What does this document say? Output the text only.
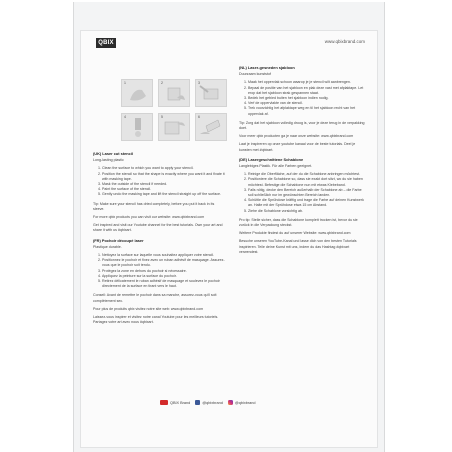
QBIX	www.qbixbrand.com
1	2	3
4	5	6
(UK) Laser cut stencil
Long-lasting plastic
1. Clean the surface to which you want to apply your stencil.
2. Position the stencil so that the shape is exactly where you want it and fixate it with masking tape.
3. Mask the outside of the stencil if needed.
4. Paint the surface of the stencil.
5. Gently undo the masking tape and lift the stencil straight up off the surface.
Tip: Make sure your stencil has dried completely, before you put it back in its sleeve.
For more qbix products you can visit our website: www.qbixbrand.com
Get inspired and visit our Youtube channel for the best tutorials. Own your art and share it with us #qbixart.
(FR) Pochoir découpé laser
Plastique durable.
1. Nettoyez la surface sur laquelle vous souhaitez appliquer votre stencil.
2. Positionnez le pochoir et fixez avec un ruban adhésif de masquage. Assurez-vous que le pochoir soit tendu.
3. Protégez la zone en dehors du pochoir si nécessaire.
4. Appliquez la peinture sur la surface du pochoir.
5. Retirez délicatement le ruban adhésif de masquage et soulevez le pochoir directement de la surface en tirant vers le haut.
Conseil: Avant de remettre le pochoir dans sa manche, assurez-vous qu'il soit complètement sec.
Pour plus de produits qbix visitez notre site web: www.qbixbrand.com
Laissez-vous inspirer et visitez notre canal Youtube pour les meilleurs tutoriels. Partagez votre art avec nous #qbixart.
(NL) Laser-gesneden sjabloon
Duurzaam kunststof
1. Maak het oppervlak schoon waarop je je stencil wilt aanbrengen.
2. Bepaal de positie van het sjabloon en plak deze vast met afplaktape. Let erop dat het sjabloon strak gespannen staat.
3. Bedek het gebied buiten het sjabloon indien nodig.
4. Verf de oppervlakte van de stencil.
5. Trek voorzichtig het afplaktape weg en til het sjabloon recht van het oppervlak af.
Tip: Zorg dat het sjabloon volledig droog is, voor je deze terug in de verpakking doet.
Voor meer qbix producten ga je naar onze website: www.qbixbrand.com
Laat je inspireren op onze youtube kanaal voor de beste tutorials. Deel je kunsten met #qbixart.
(DE) Lasergeschnittene Schablone
Langlebiges Plastik. Für alle Farben geeignet.
1. Reinige die Oberfläche, auf der du die Schablone anbringen möchtest.
2. Positioniere die Schablone so, dass sie exakt dort sitzt, wo du sie haben möchtest. Befestige die Schablone nun mit etwas Klebeband.
3. Falls nötig, decke den Bereich außerhalb der Schablone ab – die Farbe soll schließlich nur im gewünschten Bereich landen.
4. Schüttle die Sprühdose kräftig und trage die Farbe auf deinen Kunstwerk an. Halte mit der Sprühdose etwa 15 cm Abstand.
5. Ziehe die Schablone vorsichtig ab.
Pro tip: Stelle sicher, dass die Schablone komplett trocken ist, bevor du sie zurück in die Verpackung steckst.
Weitere Produkte findest du auf unserer Website: www.qbixbrand.com
Besuche unseren YouTube-Kanal und lasse dich von den besten Tutorials inspirieren. Teile deine Kunst mit uns, indem du das Hashtag #qbixart verwendest.
QBIX Brand	@qbixbrand	@qbixbrand
